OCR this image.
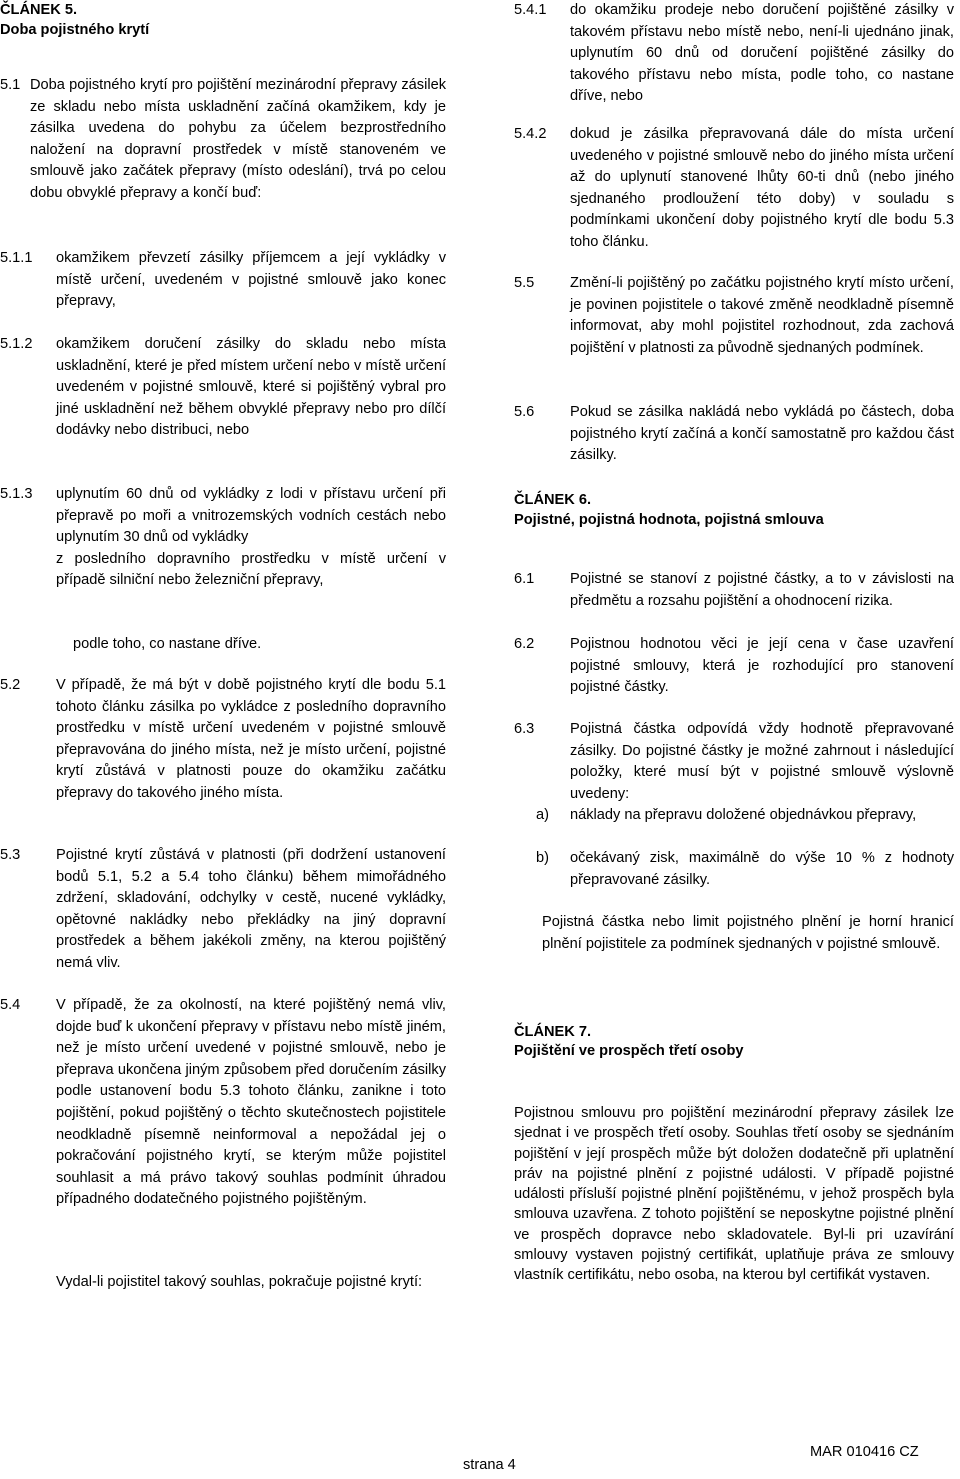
ČLÁNEK 5.

Doba pojistného krytí

5.1 Doba pojistného krytí pro pojištění mezinárodní přepravy zásilek ze skladu nebo místa uskladnění začíná okamžikem, kdy je zásilka uvedena do pohybu za účelem bezprostředního naložení na dopravní prostředek v místě stanoveném ve smlouvě jako začátek přepravy (místo odeslání), trvá po celou dobu obvyklé přepravy a končí buď:
5.1.1	okamžikem převzetí zásilky příjemcem a její vykládky v místě určení, uvedeném v pojistné smlouvě jako konec přepravy,
5.1.2	okamžikem doručení zásilky do skladu nebo místa uskladnění, které je před místem určení nebo v místě určení uvedeném v pojistné smlouvě, které si pojištěný vybral pro jiné uskladnění než během obvyklé přepravy nebo pro dílčí dodávky nebo distribuci, nebo
5.1.3	uplynutím 60 dnů od vykládky z lodi v přístavu určení při přepravě po moři a vnitrozemských vodních cestách nebo uplynutím 30 dnů od vykládky
z posledního dopravního prostředku v místě určení v případě silniční nebo železniční přepravy,
podle toho, co nastane dříve.
5.2	V případě, že má být v době pojistného krytí dle bodu 5.1 tohoto článku zásilka po vykládce z posledního dopravního prostředku v místě určení uvedeném v pojistné smlouvě přepravována do jiného místa, než je místo určení, pojistné krytí zůstává v platnosti pouze do okamžiku začátku přepravy do takového jiného místa.
5.3	Pojistné krytí zůstává v platnosti (při dodržení ustanovení bodů 5.1, 5.2 a 5.4 toho článku) během mimořádného zdržení, skladování, odchylky v cestě, nucené vykládky, opětovné nakládky nebo překládky na jiný dopravní prostředek a během jakékoli změny, na kterou pojištěný nemá vliv.
5.4	V případě, že za okolností, na které pojištěný nemá vliv, dojde buď k ukončení přepravy v přístavu nebo místě jiném, než je místo určení uvedené v pojistné smlouvě, nebo je přeprava ukončena jiným způsobem před doručením zásilky podle ustanovení bodu 5.3 tohoto článku, zanikne i toto pojištění, pokud pojištěný o těchto skutečnostech pojistitele neodkladně písemně neinformoval a nepožádal jej o pokračování pojistného krytí, se kterým může pojistitel souhlasit a má právo takový souhlas podmínit úhradou případného dodatečného pojistného pojištěným.
Vydal-li pojistitel takový souhlas, pokračuje pojistné krytí:
5.4.1	do okamžiku prodeje nebo doručení pojištěné zásilky v takovém přístavu nebo místě nebo, není-li ujednáno jinak, uplynutím 60 dnů od doručení pojištěné zásilky do takového přístavu nebo místa, podle toho, co nastane dříve, nebo
5.4.2	dokud je zásilka přepravovaná dále do místa určení uvedeného v pojistné smlouvě nebo do jiného místa určení až do uplynutí stanovené lhůty 60-ti dnů (nebo jiného sjednaného prodloužení této doby) v souladu s podmínkami ukončení doby pojistného krytí dle bodu 5.3 toho článku.
5.5	Změní-li pojištěný po začátku pojistného krytí místo určení, je povinen pojistitele o takové změně neodkladně písemně informovat, aby mohl pojistitel rozhodnout, zda zachová pojištění v platnosti za původně sjednaných podmínek.
5.6	Pokud se zásilka nakládá nebo vykládá po částech, doba pojistného krytí začíná a končí samostatně pro každou část zásilky.

ČLÁNEK 6.

Pojistné, pojistná hodnota, pojistná smlouva

6.1	Pojistné se stanoví z pojistné částky, a to v závislosti na předmětu a rozsahu pojištění a ohodnocení rizika.
6.2	Pojistnou hodnotou věci je její cena v čase uzavření pojistné smlouvy, která je rozhodující pro stanovení pojistné částky.
6.3	Pojistná částka odpovídá vždy hodnotě přepravované zásilky. Do pojistné částky je možné zahrnout i následující položky, které musí být v pojistné smlouvě výslovně uvedeny:
a)	náklady na přepravu doložené objednávkou přepravy,
b)	očekávaný zisk, maximálně do výše 10 % z hodnoty přepravované zásilky.
Pojistná částka nebo limit pojistného plnění je horní hranicí plnění pojistitele za podmínek sjednaných v pojistné smlouvě.

ČLÁNEK 7.

Pojištění ve prospěch třetí osoby

Pojistnou smlouvu pro pojištění mezinárodní přepravy zásilek lze sjednat i ve prospěch třetí osoby. Souhlas třetí osoby se sjednáním pojištění v její prospěch může být doložen dodatečně při uplatnění práv na pojistné plnění z pojistné události. V případě pojistné události přísluší pojistné plnění pojištěnému, v jehož prospěch byla smlouva uzavřena. Z tohoto pojištění se neposkytne pojistné plnění ve prospěch dopravce nebo skladovatele. Byl-li pri uzavírání smlouvy vystaven pojistný certifikát, uplatňuje práva ze smlouvy vlastník certifikátu, nebo osoba, na kterou byl certifikát vystaven.
strana 4
MAR 010416 CZ
